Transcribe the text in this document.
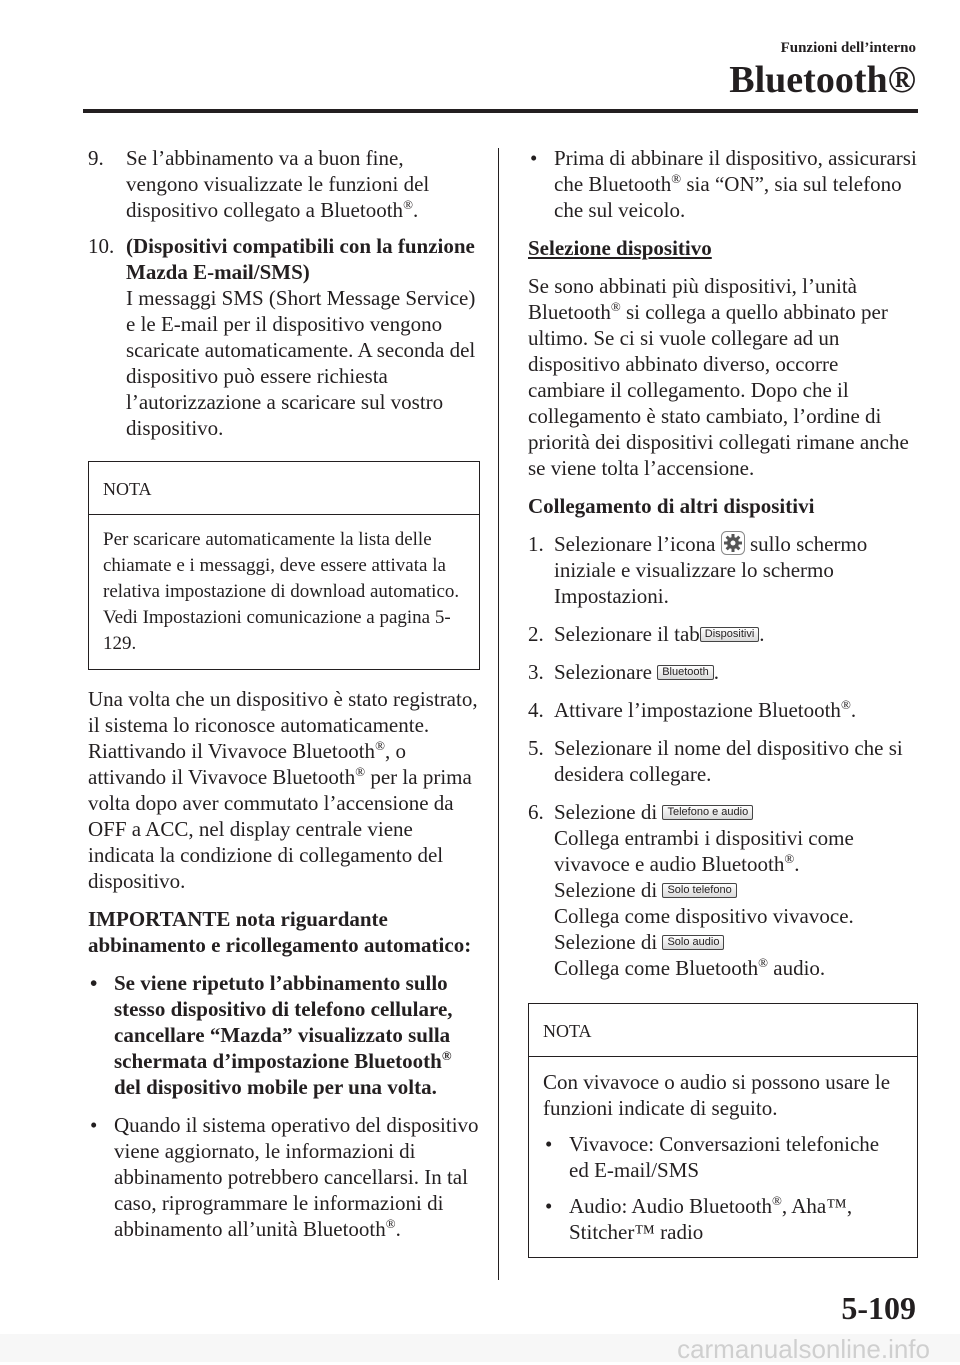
Funzioni dell’interno
Bluetooth®
9. Se l’abbinamento va a buon fine, vengono visualizzate le funzioni del dispositivo collegato a Bluetooth®.
10. (Dispositivi compatibili con la funzione Mazda E-mail/SMS)

I messaggi SMS (Short Message Service) e le E-mail per il dispositivo vengono scaricate automaticamente. A seconda del dispositivo può essere richiesta l’autorizzazione a scaricare sul vostro dispositivo.

NOTA
Per scaricare automaticamente la lista delle chiamate e i messaggi, deve essere attivata la relativa impostazione di download automatico. Vedi Impostazioni comunicazione a pagina 5-129.

Una volta che un dispositivo è stato registrato, il sistema lo riconosce automaticamente. Riattivando il Vivavoce Bluetooth®, o attivando il Vivavoce Bluetooth® per la prima volta dopo aver commutato l’accensione da OFF a ACC, nel display centrale viene indicata la condizione di collegamento del dispositivo.

IMPORTANTE nota riguardante abbinamento e ricollegamento automatico:

• Se viene ripetuto l’abbinamento sullo stesso dispositivo di telefono cellulare, cancellare “Mazda” visualizzato sulla schermata d’impostazione Bluetooth® del dispositivo mobile per una volta.
• Quando il sistema operativo del dispositivo viene aggiornato, le informazioni di abbinamento potrebbero cancellarsi. In tal caso, riprogrammare le informazioni di abbinamento all’unità Bluetooth®.
• Prima di abbinare il dispositivo, assicurarsi che Bluetooth® sia “ON”, sia sul telefono che sul veicolo.

Selezione dispositivo

Se sono abbinati più dispositivi, l’unità Bluetooth® si collega a quello abbinato per ultimo. Se ci si vuole collegare ad un dispositivo abbinato diverso, occorre cambiare il collegamento. Dopo che il collegamento è stato cambiato, l’ordine di priorità dei dispositivi collegati rimane anche se viene tolta l’accensione.

Collegamento di altri dispositivi

1. Selezionare l’icona  sullo schermo iniziale e visualizzare lo schermo Impostazioni.
2. Selezionare il tab Dispositivi .
3. Selezionare Bluetooth .
4. Attivare l’impostazione Bluetooth®.
5. Selezionare il nome del dispositivo che si desidera collegare.
6. Selezione di Telefono e audio

Collega entrambi i dispositivi come vivavoce e audio Bluetooth®.

Selezione di Solo telefono

Collega come dispositivo vivavoce.

Selezione di Solo audio

Collega come Bluetooth® audio.

NOTA

Con vivavoce o audio si possono usare le funzioni indicate di seguito.

• Vivavoce: Conversazioni telefoniche ed E-mail/SMS
• Audio: Audio Bluetooth®, Aha™, Stitcher™ radio
5-109
carmanualsonline.info
